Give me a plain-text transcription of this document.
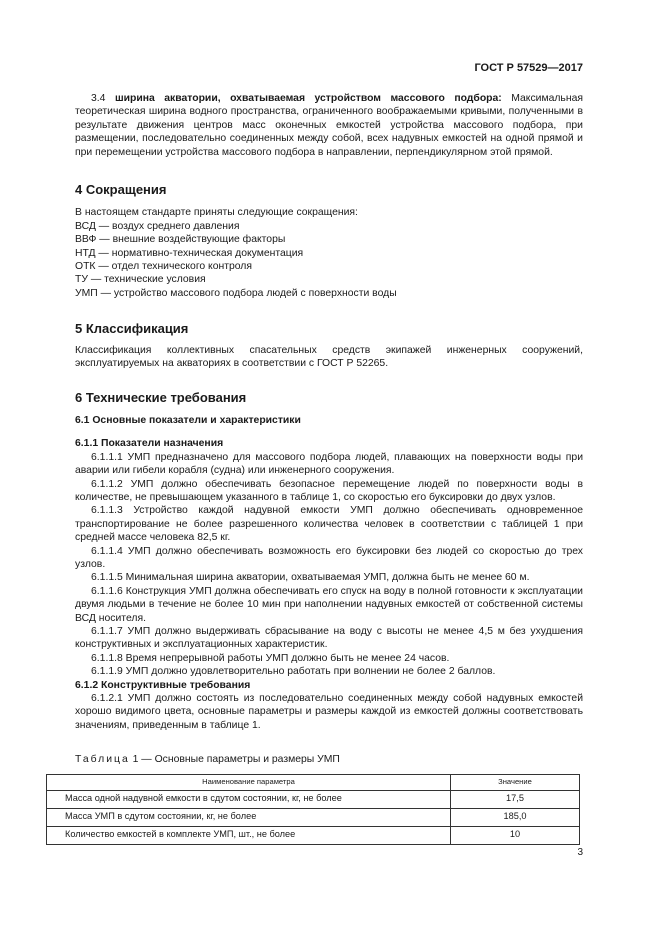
ГОСТ Р 57529—2017

3.4 ширина акватории, охватываемая устройством массового подбора: Максимальная теоретическая ширина водного пространства, ограниченного воображаемыми кривыми, полученными в результате движения центров масс оконечных емкостей устройства массового подбора, при размещении, последовательно соединенных между собой, всех надувных емкостей на одной прямой и при перемещении устройства массового подбора в направлении, перпендикулярном этой прямой.

4 Сокращения

В настоящем стандарте приняты следующие сокращения:

ВСД — воздух среднего давления

ВВФ — внешние воздействующие факторы

НТД — нормативно-техническая документация

ОТК — отдел технического контроля

ТУ — технические условия

УМП — устройство массового подбора людей с поверхности воды

5 Классификация

Классификация коллективных спасательных средств экипажей инженерных сооружений, эксплуатируемых на акваториях в соответствии с ГОСТ Р 52265.

6 Технические требования

6.1 Основные показатели и характеристики

6.1.1 Показатели назначения

6.1.1.1 УМП предназначено для массового подбора людей, плавающих на поверхности воды при аварии или гибели корабля (судна) или инженерного сооружения.

6.1.1.2 УМП должно обеспечивать безопасное перемещение людей по поверхности воды в количестве, не превышающем указанного в таблице 1, со скоростью его буксировки до двух узлов.

6.1.1.3 Устройство каждой надувной емкости УМП должно обеспечивать одновременное транспортирование не более разрешенного количества человек в соответствии с таблицей 1 при средней массе человека 82,5 кг.

6.1.1.4 УМП должно обеспечивать возможность его буксировки без людей со скоростью до трех узлов.

6.1.1.5 Минимальная ширина акватории, охватываемая УМП, должна быть не менее 60 м.

6.1.1.6 Конструкция УМП должна обеспечивать его спуск на воду в полной готовности к эксплуатации двумя людьми в течение не более 10 мин при наполнении надувных емкостей от собственной системы ВСД носителя.

6.1.1.7 УМП должно выдерживать сбрасывание на воду с высоты не менее 4,5 м без ухудшения конструктивных и эксплуатационных характеристик.

6.1.1.8 Время непрерывной работы УМП должно быть не менее 24 часов.

6.1.1.9 УМП должно удовлетворительно работать при волнении не более 2 баллов.

6.1.2 Конструктивные требования

6.1.2.1 УМП должно состоять из последовательно соединенных между собой надувных емкостей хорошо видимого цвета, основные параметры и размеры каждой из емкостей должны соответствовать значениям, приведенным в таблице 1.

Таблица 1 — Основные параметры и размеры УМП

Наименование параметра	Значение
Масса одной надувной емкости в сдутом состоянии, кг, не более	17,5
Масса УМП в сдутом состоянии, кг, не более	185,0
Количество емкостей в комплекте УМП, шт., не более	10
3
